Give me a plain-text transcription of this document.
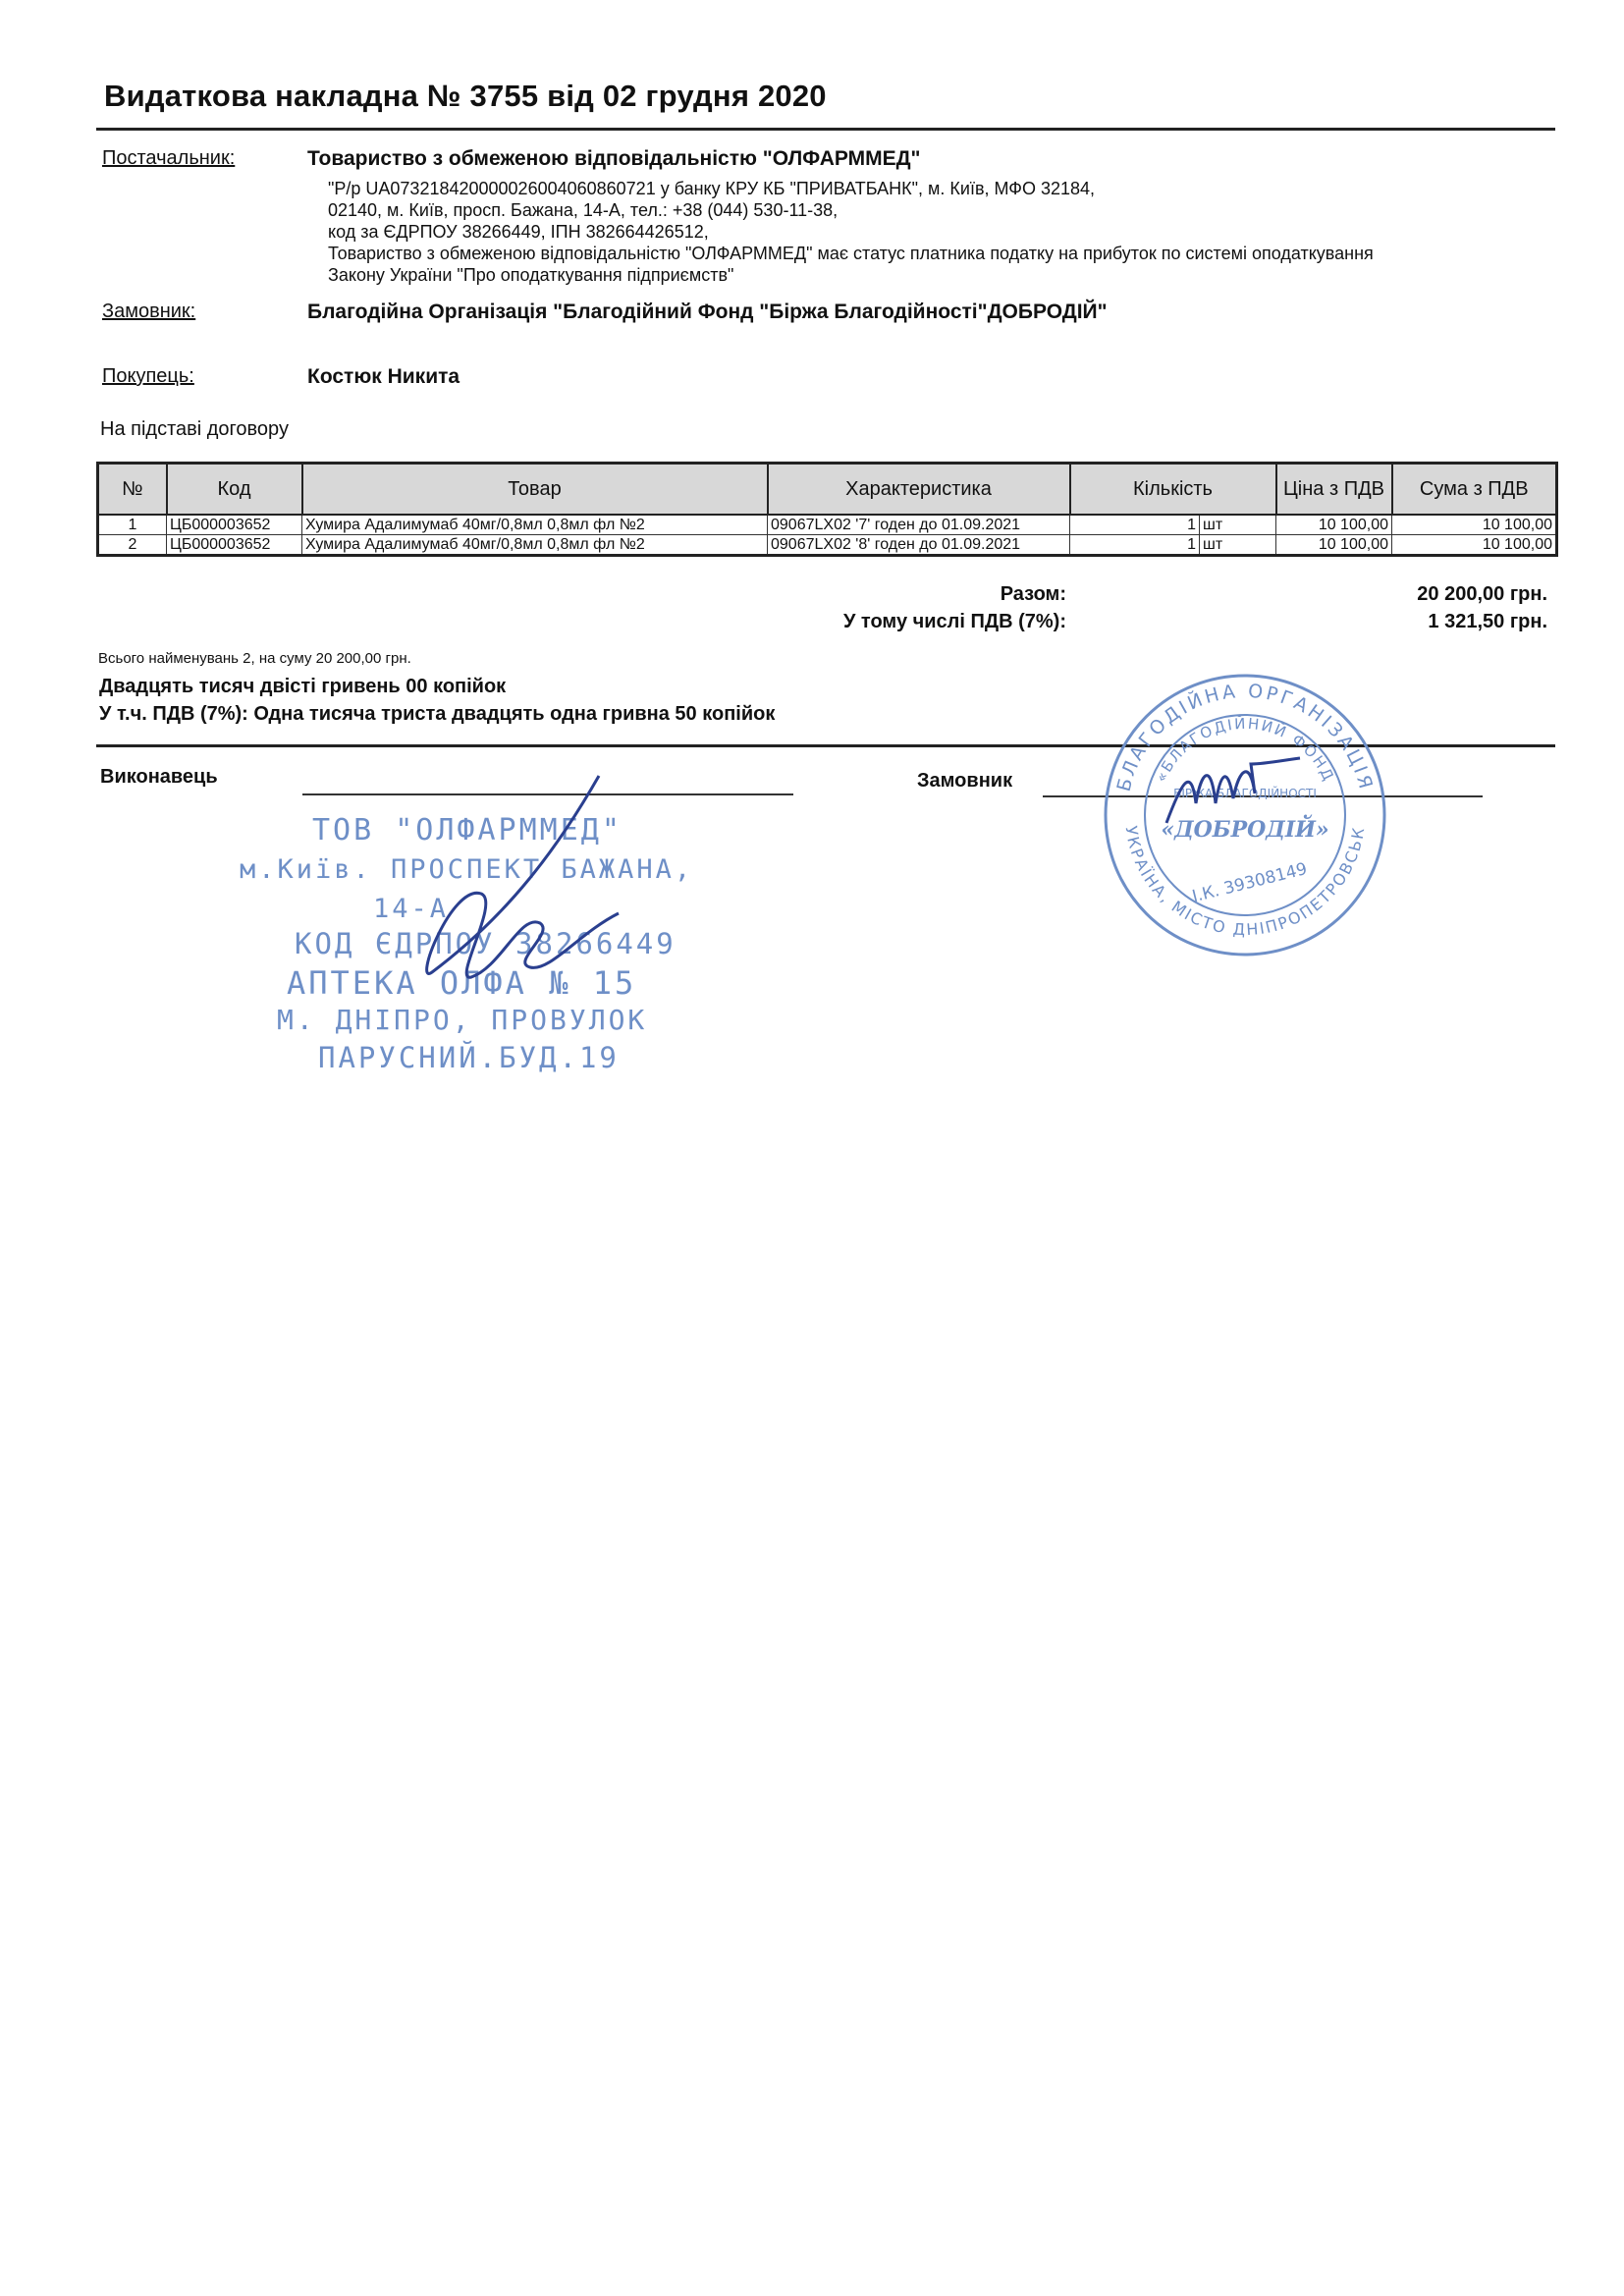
Видаткова накладна № 3755 від 02 грудня 2020
Постачальник:	Товариство з обмеженою відповідальністю "ОЛФАРММЕД"
"Р/р UA073218420000026004060860721 у банку КРУ КБ "ПРИВАТБАНК", м. Київ, МФО 32184,
02140, м. Київ, просп. Бажана, 14-А, тел.: +38 (044) 530-11-38,
код за ЄДРПОУ 38266449, ІПН 382664426512,
Товариство з обмеженою відповідальністю "ОЛФАРММЕД" має статус платника податку на прибуток по системі оподаткування
Закону України "Про оподаткування підприємств"
Замовник:	Благодійна Організація "Благодійний Фонд "Біржа Благодійності"ДОБРОДІЙ"
Покупець:	Костюк Никита
На підставі договору
№	Код	Товар	Характеристика	Кількість		Ціна з ПДВ	Сума з ПДВ
1	ЦБ000003652	Хумира Адалимумаб 40мг/0,8мл 0,8мл фл №2	09067LX02 '7' годен до 01.09.2021	1	шт	10 100,00	10 100,00
2	ЦБ000003652	Хумира Адалимумаб 40мг/0,8мл 0,8мл фл №2	09067LX02 '8' годен до 01.09.2021	1	шт	10 100,00	10 100,00
Разом:	20 200,00 грн.
У тому числі ПДВ (7%):	1 321,50 грн.
Всього найменувань 2, на суму 20 200,00 грн.
Двадцять тисяч двісті гривень 00 копійок
У т.ч. ПДВ (7%): Одна тисяча триста двадцять одна гривна 50 копійок
Виконавець	Замовник
ТОВ "ОЛФАРММЕД"
м.Київ. ПРОСПЕКТ БАЖАНА,
14-А
КОД ЄДРПОУ 38266449
АПТЕКА ОЛФА № 15
М. ДНІПРО, ПРОВУЛОК
ПАРУСНИЙ.БУД.19
БЛАГОДІЙНА ОРГАНІЗАЦІЯ
«БЛАГОДІЙНИЙ ФОНД
УКРАЇНА, МІСТО ДНІПРОПЕТРОВСЬК
БІРЖА БЛАГОДІЙНОСТІ
«ДОБРОДІЙ»
І.К. 39308149
